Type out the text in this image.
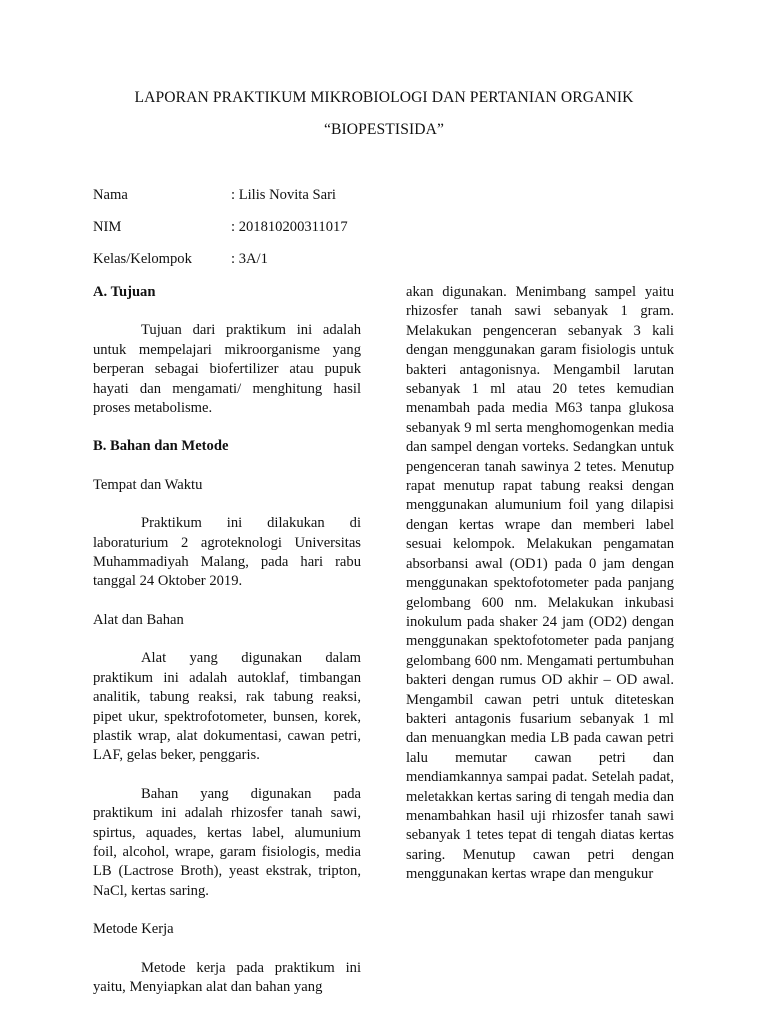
LAPORAN PRAKTIKUM MIKROBIOLOGI DAN PERTANIAN ORGANIK
“BIOPESTISIDA”
Nama	: Lilis Novita Sari
NIM	: 201810200311017
Kelas/Kelompok	: 3A/1

A. Tujuan

Tujuan dari praktikum ini adalah untuk mempelajari mikroorganisme yang berperan sebagai biofertilizer atau pupuk hayati dan mengamati/ menghitung hasil proses metabolisme.

B. Bahan dan Metode

Tempat dan Waktu

Praktikum ini dilakukan di laboraturium 2 agroteknologi Universitas Muhammadiyah Malang, pada hari rabu tanggal 24 Oktober 2019.

Alat dan Bahan

Alat yang digunakan dalam praktikum ini adalah autoklaf, timbangan analitik, tabung reaksi, rak tabung reaksi, pipet ukur, spektrofotometer, bunsen, korek, plastik wrap, alat dokumentasi, cawan petri, LAF, gelas beker, penggaris.

Bahan yang digunakan pada praktikum ini adalah rhizosfer tanah sawi, spirtus, aquades, kertas label, alumunium foil, alcohol, wrape, garam fisiologis, media LB (Lactrose Broth), yeast ekstrak, tripton, NaCl, kertas saring.

Metode Kerja

Metode kerja pada praktikum ini yaitu, Menyiapkan alat dan bahan yang

akan digunakan. Menimbang sampel yaitu rhizosfer tanah sawi sebanyak 1 gram. Melakukan pengenceran sebanyak 3 kali dengan menggunakan garam fisiologis untuk bakteri antagonisnya. Mengambil larutan sebanyak 1 ml atau 20 tetes kemudian menambah pada media M63 tanpa glukosa sebanyak 9 ml serta menghomogenkan media dan sampel dengan vorteks. Sedangkan untuk pengenceran tanah sawinya 2 tetes. Menutup rapat menutup rapat tabung reaksi dengan menggunakan alumunium foil yang dilapisi dengan kertas wrape dan memberi label sesuai kelompok. Melakukan pengamatan absorbansi awal (OD1) pada 0 jam dengan menggunakan spektofotometer pada panjang gelombang 600 nm. Melakukan inkubasi inokulum pada shaker 24 jam (OD2) dengan menggunakan spektofotometer pada panjang gelombang 600 nm. Mengamati pertumbuhan bakteri dengan rumus OD akhir – OD awal. Mengambil cawan petri untuk diteteskan bakteri antagonis fusarium sebanyak 1 ml dan menuangkan media LB pada cawan petri lalu memutar cawan petri dan mendiamkannya sampai padat. Setelah padat, meletakkan kertas saring di tengah media dan menambahkan hasil uji rhizosfer tanah sawi sebanyak 1 tetes tepat di tengah diatas kertas saring. Menutup cawan petri dengan menggunakan kertas wrape dan mengukur
